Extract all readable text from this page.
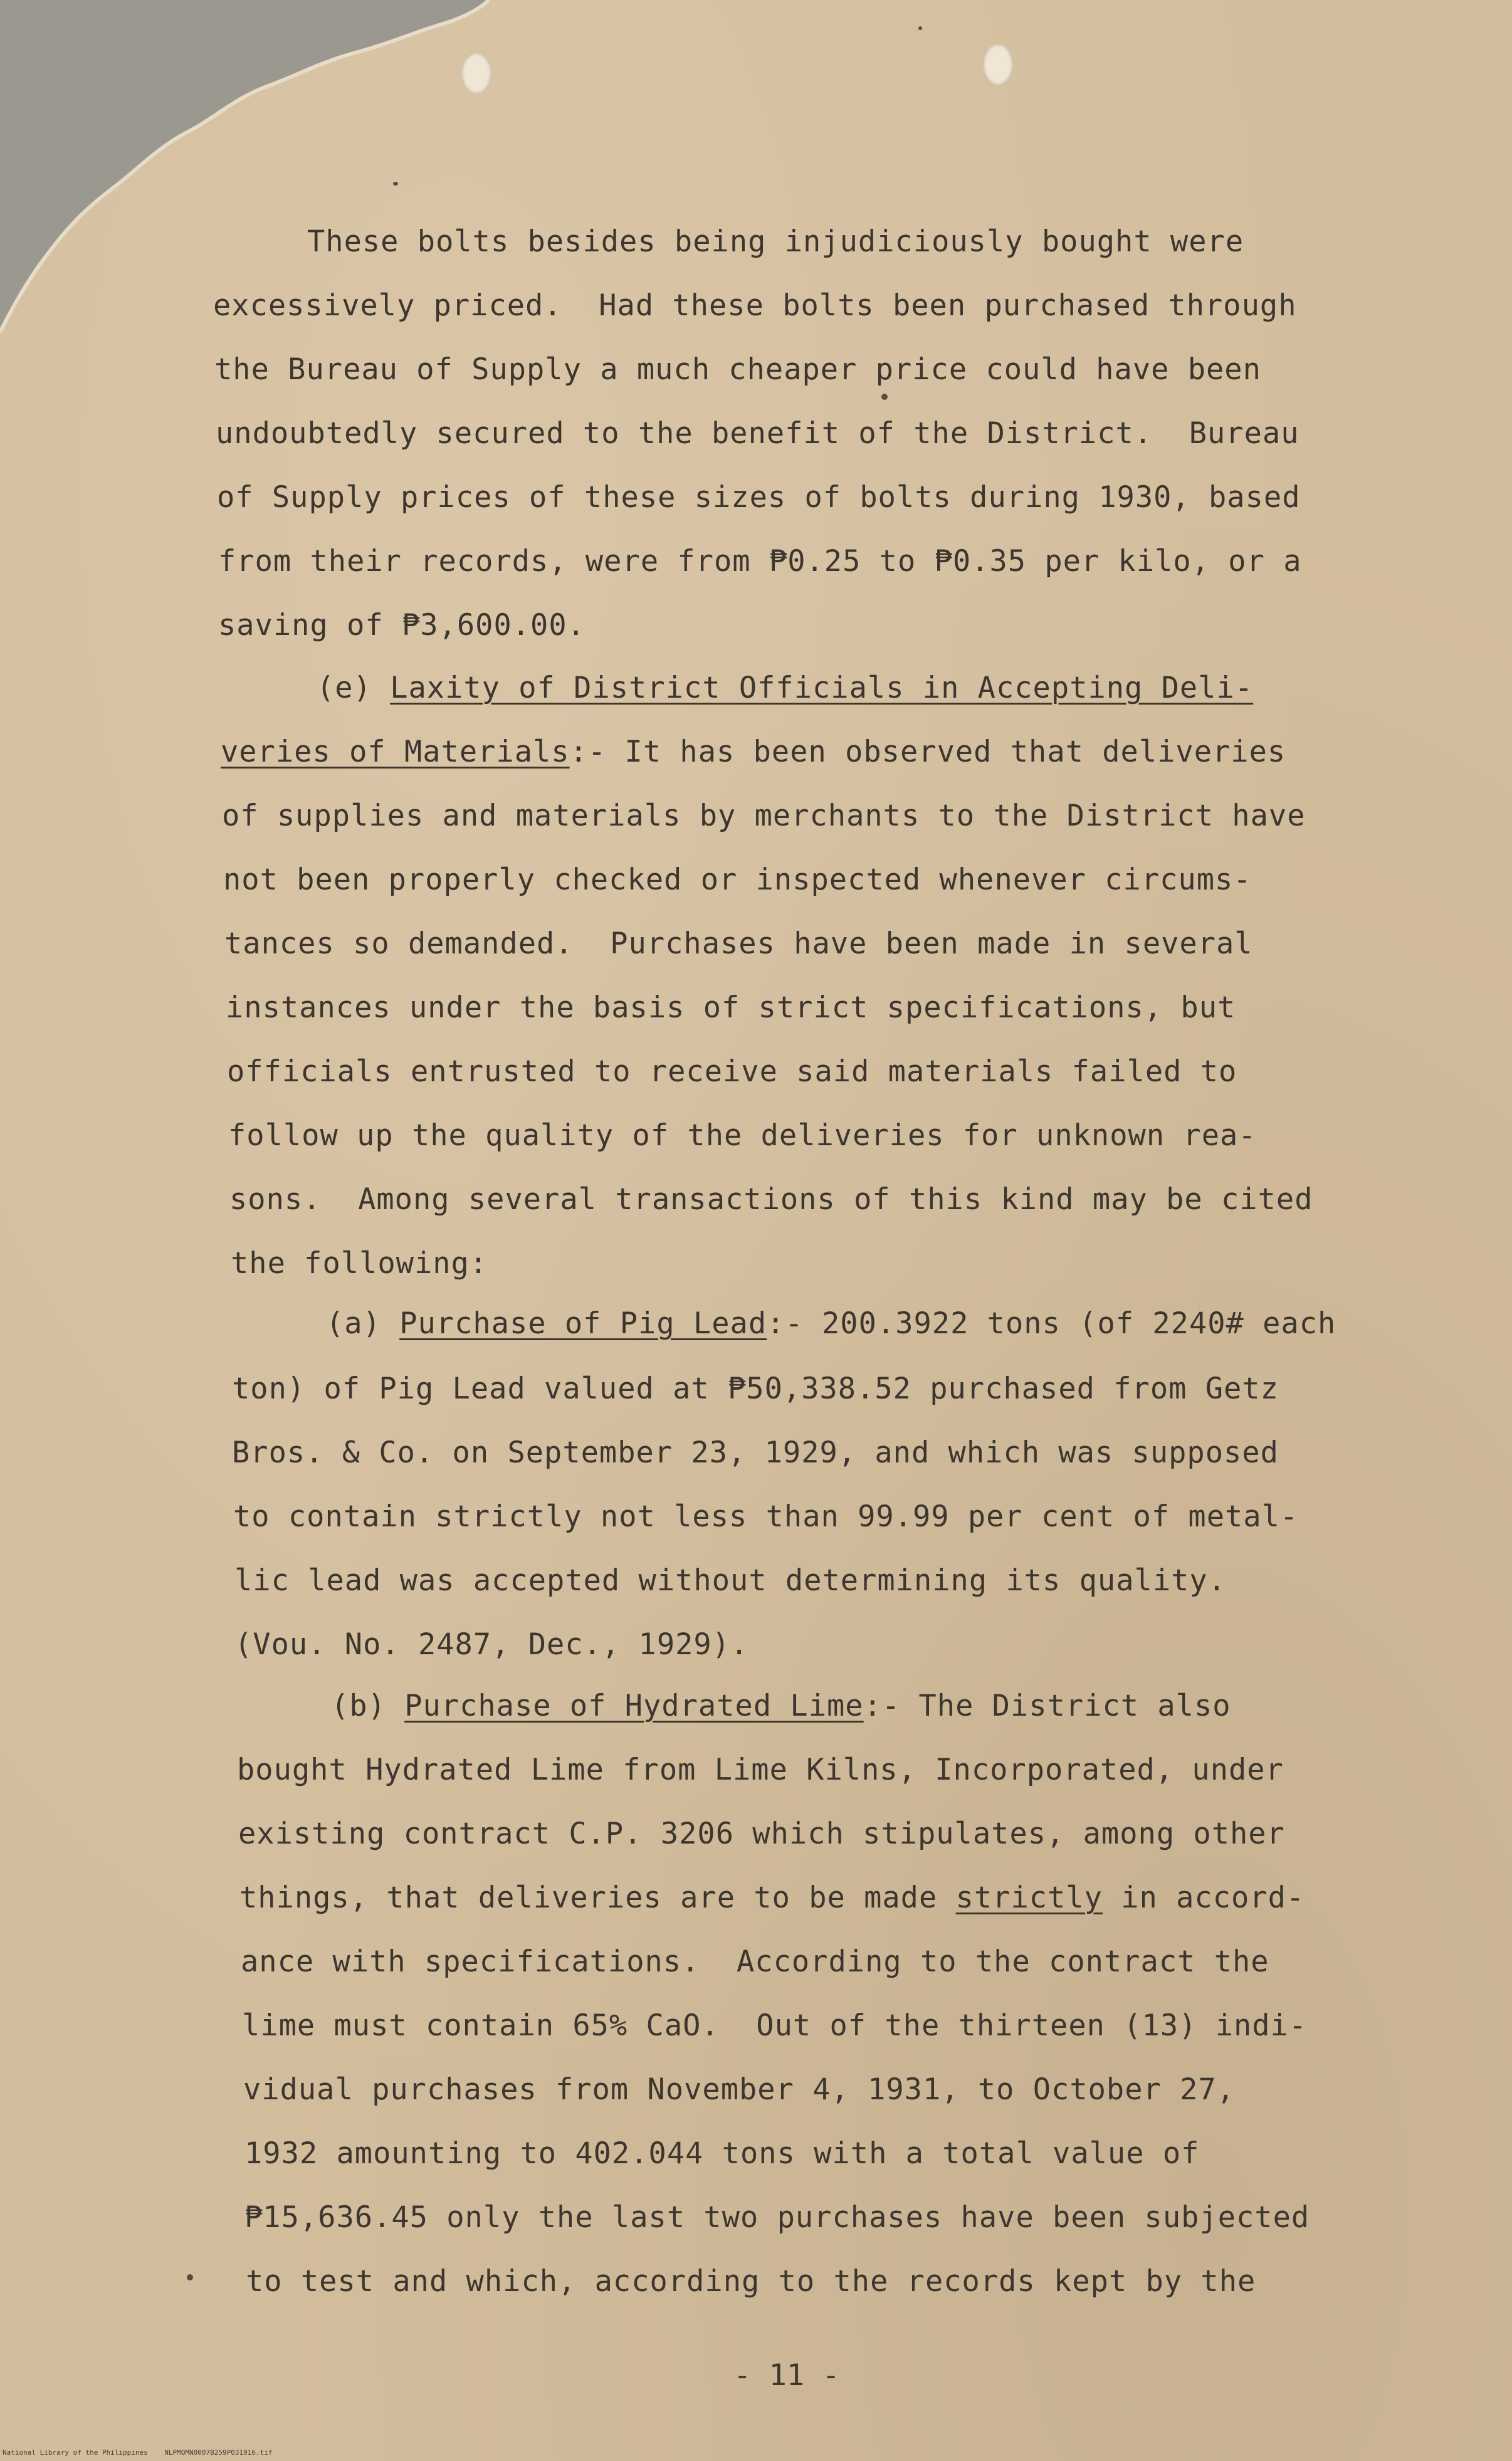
These bolts besides being injudiciously bought were
excessively priced.  Had these bolts been purchased through
the Bureau of Supply a much cheaper price could have been
undoubtedly secured to the benefit of the District.  Bureau
of Supply prices of these sizes of bolts during 1930, based
from their records, were from ₱0.25 to ₱0.35 per kilo, or a
saving of ₱3,600.00.
(e) Laxity of District Officials in Accepting Deli-
veries of Materials:- It has been observed that deliveries
of supplies and materials by merchants to the District have
not been properly checked or inspected whenever circums-
tances so demanded.  Purchases have been made in several
instances under the basis of strict specifications, but
officials entrusted to receive said materials failed to
follow up the quality of the deliveries for unknown rea-
sons.  Among several transactions of this kind may be cited
the following:
(a) Purchase of Pig Lead:- 200.3922 tons (of 2240# each
ton) of Pig Lead valued at ₱50,338.52 purchased from Getz
Bros. & Co. on September 23, 1929, and which was supposed
to contain strictly not less than 99.99 per cent of metal-
lic lead was accepted without determining its quality.
(Vou. No. 2487, Dec., 1929).
(b) Purchase of Hydrated Lime:- The District also
bought Hydrated Lime from Lime Kilns, Incorporated, under
existing contract C.P. 3206 which stipulates, among other
things, that deliveries are to be made strictly in accord-
ance with specifications.  According to the contract the
lime must contain 65% CaO.  Out of the thirteen (13) indi-
vidual purchases from November 4, 1931, to October 27,
1932 amounting to 402.044 tons with a total value of
₱15,636.45 only the last two purchases have been subjected
to test and which, according to the records kept by the
- 11 -
National Library of the Philippines    NLPMOMN0007B259P031016.tif
